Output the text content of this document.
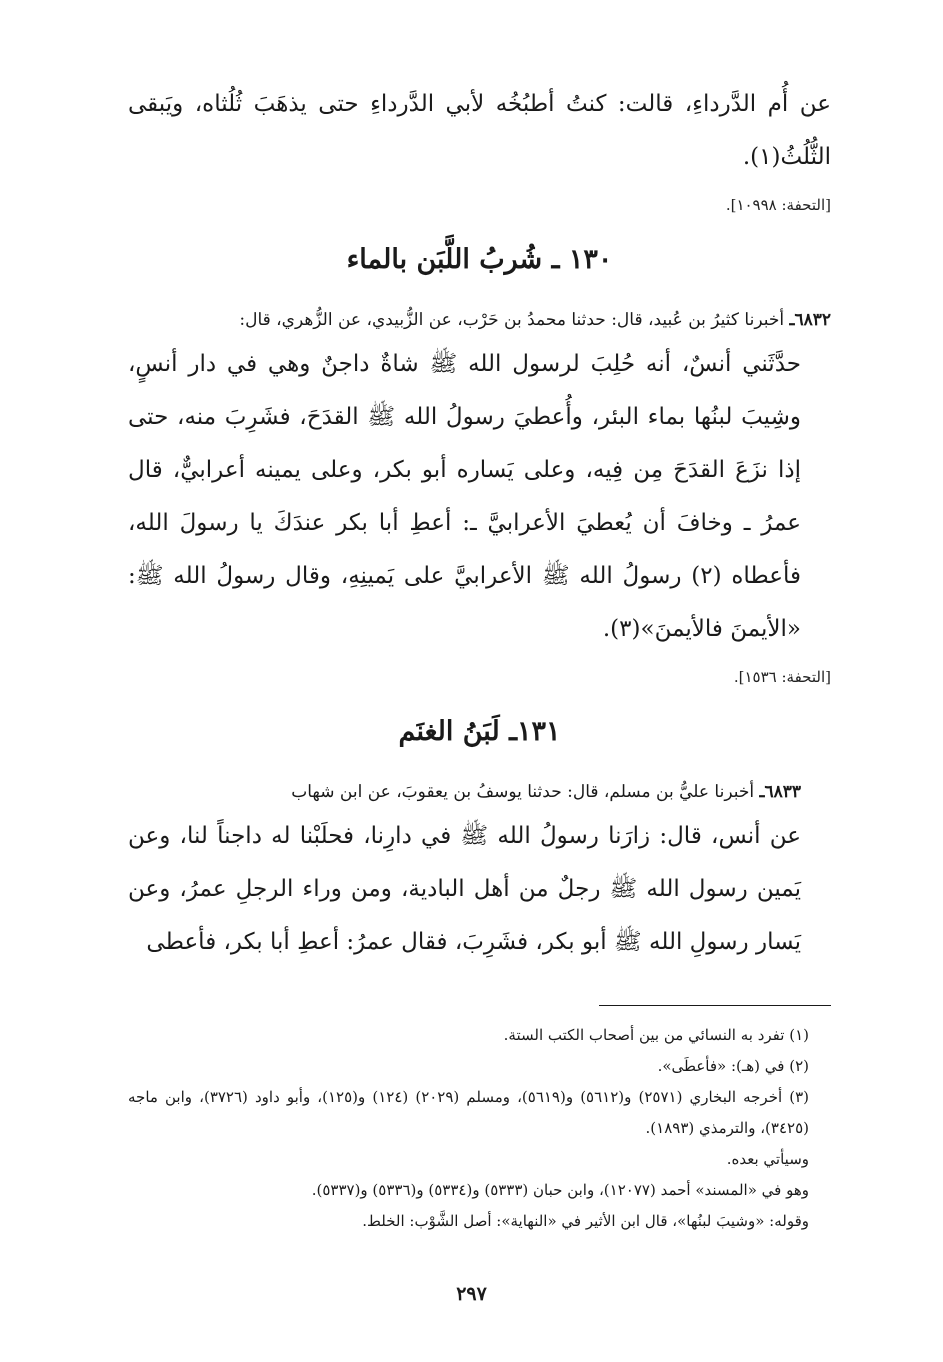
عن أُم الدَّرداءِ، قالت: كنتُ أطبُخُه لأبي الدَّرداءِ حتى يذهَبَ ثُلُثاه، ويَبقى الثُّلُثُ(١).

[التحفة: ١٠٩٩٨].
١٣٠ ـ شُربُ اللَّبَن بالماء

٦٨٣٢ـ أخبرنا كثيرُ بن عُبيد، قال: حدثنا محمدُ بن حَرْب، عن الزُّبيدي، عن الزُّهري، قال:

حدَّثَني أنسٌ، أنه حُلِبَ لرسول الله ﷺ شاةٌ داجنٌ وهي في دار أنسٍ، وشِيبَ لبنُها بماء البئر، وأُعطيَ رسولُ الله ﷺ القدَحَ، فشَرِبَ منه، حتى إذا نزَعَ القدَحَ مِن فِيه، وعلى يَساره أبو بكر، وعلى يمينه أعرابيٌّ، قال عمرُ ـ وخافَ أن يُعطيَ الأعرابيَّ ـ: أعطِ أبا بكر عندَكَ يا رسولَ الله، فأعطاه (٢) رسولُ الله ﷺ الأعرابيَّ على يَمينِهِ، وقال رسولُ الله ﷺ: «الأيمنَ فالأيمنَ»(٣).

[التحفة: ١٥٣٦].
١٣١ـ لَبَنُ الغنَم

٦٨٣٣ـ أخبرنا عليُّ بن مسلم، قال: حدثنا يوسفُ بن يعقوبَ، عن ابن شهاب

عن أنس، قال: زارَنا رسولُ الله ﷺ في دارِنا، فحلَبْنا له داجناً لنا، وعن يَمين رسول الله ﷺ رجلٌ من أهل البادية، ومن وراء الرجلِ عمرُ، وعن يَسار رسولِ الله ﷺ أبو بكر، فشَرِبَ، فقال عمرُ: أعطِ أبا بكر، فأعطى

(١) تفرد به النسائي من بين أصحاب الكتب الستة.

(٢) في (هـ): «فأعطَى».

(٣) أخرجه البخاري (٢٥٧١) و(٥٦١٢) و(٥٦١٩)، ومسلم (٢٠٢٩) (١٢٤) و(١٢٥)، وأبو داود (٣٧٢٦)، وابن ماجه (٣٤٢٥)، والترمذي (١٨٩٣).

وسيأتي بعده.

وهو في «المسند» أحمد (١٢٠٧٧)، وابن حبان (٥٣٣٣) و(٥٣٣٤) و(٥٣٣٦) و(٥٣٣٧).

وقوله: «وشيبَ لبنُها»، قال ابن الأثير في «النهاية»: أصل الشَّوْب: الخلط.

٢٩٧
